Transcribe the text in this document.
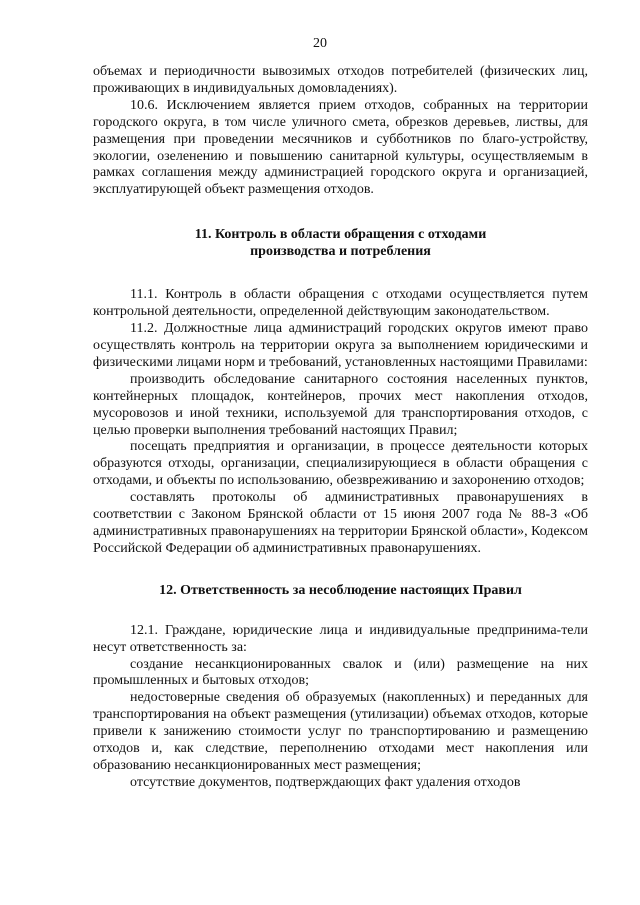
20

объемах и периодичности вывозимых отходов потребителей (физических лиц, проживающих в индивидуальных домовладениях).

10.6. Исключением является прием отходов, собранных на территории городского округа, в том числе уличного смета, обрезков деревьев, листвы, для размещения при проведении месячников и субботников по благо-устройству, экологии, озеленению и повышению санитарной культуры, осуществляемым в рамках соглашения между администрацией городского округа и организацией, эксплуатирующей объект размещения отходов.

11. Контроль в области обращения с отходами
производства и потребления

11.1. Контроль в области обращения с отходами осуществляется путем контрольной деятельности, определенной действующим законодательством.

11.2. Должностные лица администраций городских округов имеют право осуществлять контроль на территории округа за выполнением юридическими и физическими лицами норм и требований, установленных настоящими Правилами:

производить обследование санитарного состояния населенных пунктов, контейнерных площадок, контейнеров, прочих мест накопления отходов, мусоровозов и иной техники, используемой для транспортирования отходов, с целью проверки выполнения требований настоящих Правил;

посещать предприятия и организации, в процессе деятельности которых образуются отходы, организации, специализирующиеся в области обращения с отходами, и объекты по использованию, обезвреживанию и захоронению отходов;

составлять протоколы об административных правонарушениях в соответствии с Законом Брянской области от 15 июня 2007 года № 88-З «Об административных правонарушениях на территории Брянской области», Кодексом Российской Федерации об административных правонарушениях.

12. Ответственность за несоблюдение настоящих Правил

12.1. Граждане, юридические лица и индивидуальные предпринима-тели несут ответственность за:

создание несанкционированных свалок и (или) размещение на них промышленных и бытовых отходов;

недостоверные сведения об образуемых (накопленных) и переданных для транспортирования на объект размещения (утилизации) объемах отходов, которые привели к занижению стоимости услуг по транспортированию и размещению отходов и, как следствие, переполнению отходами мест накопления или образованию несанкционированных мест размещения;

отсутствие документов, подтверждающих факт удаления отходов
